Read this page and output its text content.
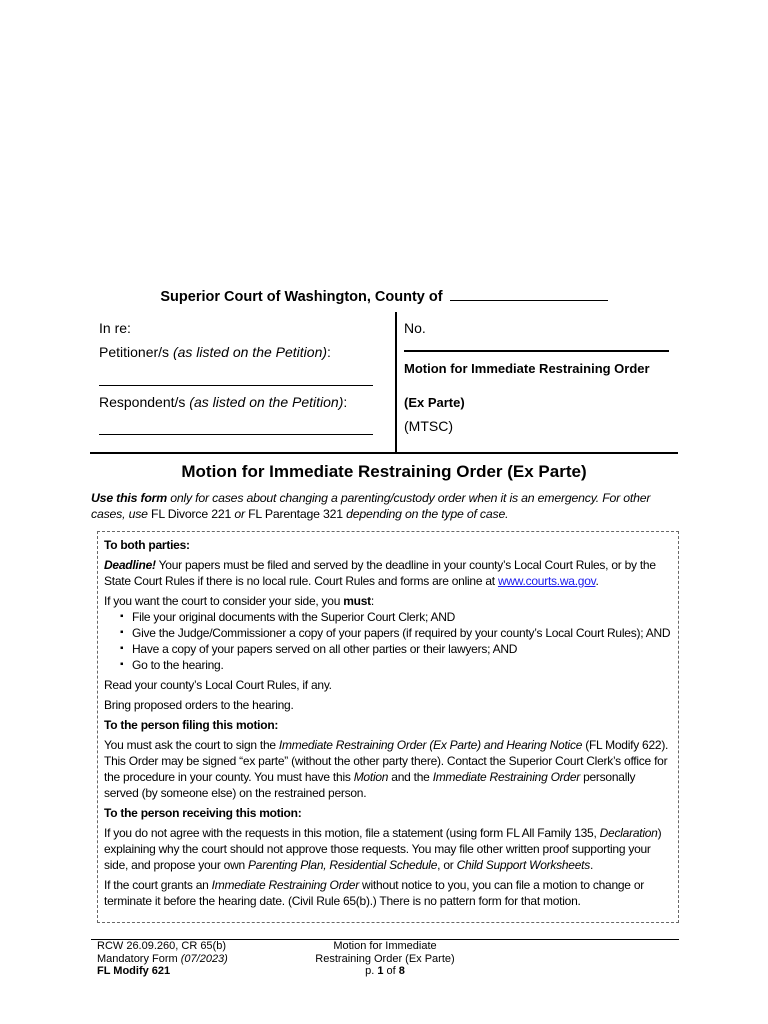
Superior Court of Washington, County of
In re:
Petitioner/s (as listed on the Petition):
Respondent/s (as listed on the Petition):
No.
Motion for Immediate Restraining Order
(Ex Parte)
(MTSC)
Motion for Immediate Restraining Order (Ex Parte)
Use this form only for cases about changing a parenting/custody order when it is an emergency. For other cases, use FL Divorce 221 or FL Parentage 321 depending on the type of case.

To both parties:

Deadline! Your papers must be filed and served by the deadline in your county’s Local Court Rules, or by the State Court Rules if there is no local rule. Court Rules and forms are online at www.courts.wa.gov.

If you want the court to consider your side, you must:

▪ File your original documents with the Superior Court Clerk; AND
▪ Give the Judge/Commissioner a copy of your papers (if required by your county’s Local Court Rules); AND
▪ Have a copy of your papers served on all other parties or their lawyers; AND
▪ Go to the hearing.

Read your county’s Local Court Rules, if any.

Bring proposed orders to the hearing.

To the person filing this motion:

You must ask the court to sign the Immediate Restraining Order (Ex Parte) and Hearing Notice (FL Modify 622). This Order may be signed “ex parte” (without the other party there). Contact the Superior Court Clerk’s office for the procedure in your county. You must have this Motion and the Immediate Restraining Order personally served (by someone else) on the restrained person.

To the person receiving this motion:

If you do not agree with the requests in this motion, file a statement (using form FL All Family 135, Declaration) explaining why the court should not approve those requests. You may file other written proof supporting your side, and propose your own Parenting Plan, Residential Schedule, or Child Support Worksheets.

If the court grants an Immediate Restraining Order without notice to you, you can file a motion to change or terminate it before the hearing date. (Civil Rule 65(b).) There is no pattern form for that motion.

RCW 26.09.260, CR 65(b)
Mandatory Form (07/2023)
FL Modify 621
Motion for Immediate
Restraining Order (Ex Parte)
p. 1 of 8
